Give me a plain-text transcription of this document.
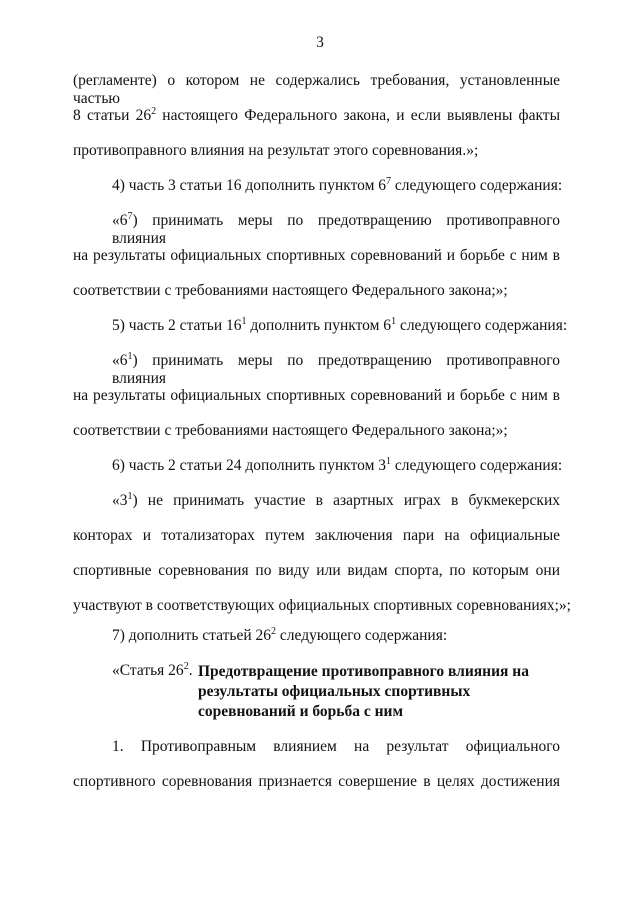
3
(регламенте) о котором не содержались требования, установленные частью
8 статьи $26^2$ настоящего Федерального закона, и если выявлены факты
противоправного влияния на результат этого соревнования.»;
4) часть 3 статьи 16 дополнить пунктом $6^7$ следующего содержания:
«$6^7$) принимать меры по предотвращению противоправного влияния
на результаты официальных спортивных соревнований и борьбе с ним в
соответствии с требованиями настоящего Федерального закона;»;
5) часть 2 статьи $16^1$ дополнить пунктом $6^1$ следующего содержания:
«$6^1$) принимать меры по предотвращению противоправного влияния
на результаты официальных спортивных соревнований и борьбе с ним в
соответствии с требованиями настоящего Федерального закона;»;
6) часть 2 статьи 24 дополнить пунктом $3^1$ следующего содержания:
«$3^1$) не принимать участие в азартных играх в букмекерских
конторах и тотализаторах путем заключения пари на официальные
спортивные соревнования по виду или видам спорта, по которым они
участвуют в соответствующих официальных спортивных соревнованиях;»;
7) дополнить статьей $26^2$ следующего содержания:
«Статья $26^2$. Предотвращение противоправного влияния на
результаты официальных спортивных
соревнований и борьба с ним
1. Противоправным влиянием на результат официального
спортивного соревнования признается совершение в целях достижения
